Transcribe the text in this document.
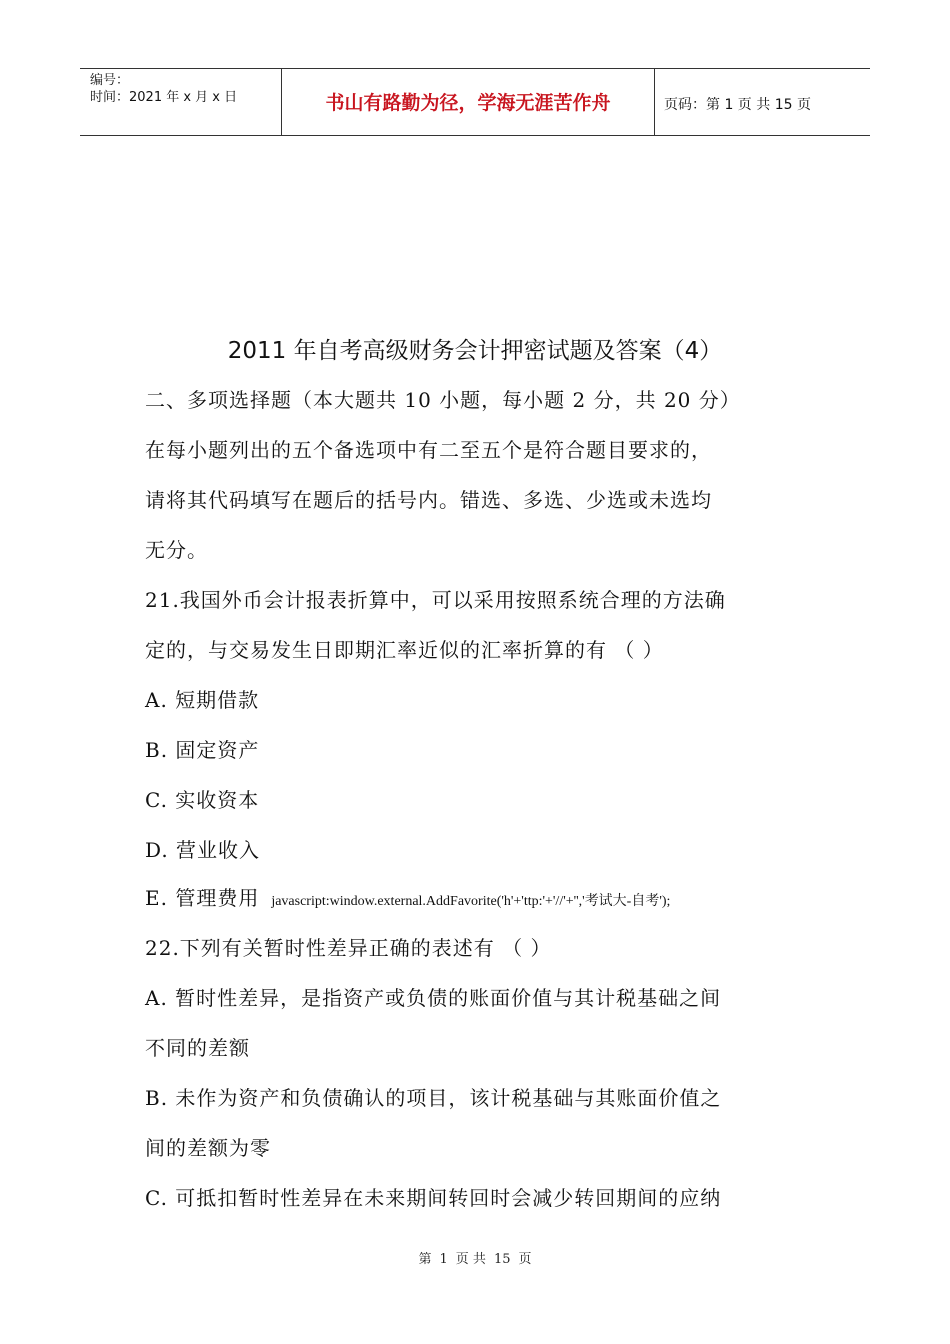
编号：
时间：2021 年 x 月 x 日	书山有路勤为径，学海无涯苦作舟	页码：第 1 页 共 15 页
2011 年自考高级财务会计押密试题及答案（4）
二、多项选择题（本大题共 10 小题，每小题 2 分，共 20 分）
在每小题列出的五个备选项中有二至五个是符合题目要求的，
请将其代码填写在题后的括号内。错选、多选、少选或未选均
无分。
21.我国外币会计报表折算中，可以采用按照系统合理的方法确
定的，与交易发生日即期汇率近似的汇率折算的有 （ ）
A. 短期借款
B. 固定资产
C. 实收资本
D. 营业收入
E. 管理费用 javascript:window.external.AddFavorite('h'+'ttp:'+'//'+'','考试大-自考');
22.下列有关暂时性差异正确的表述有 （ ）
A. 暂时性差异，是指资产或负债的账面价值与其计税基础之间
不同的差额
B. 未作为资产和负债确认的项目，该计税基础与其账面价值之
间的差额为零
C. 可抵扣暂时性差异在未来期间转回时会减少转回期间的应纳
第 1 页 共 15 页
